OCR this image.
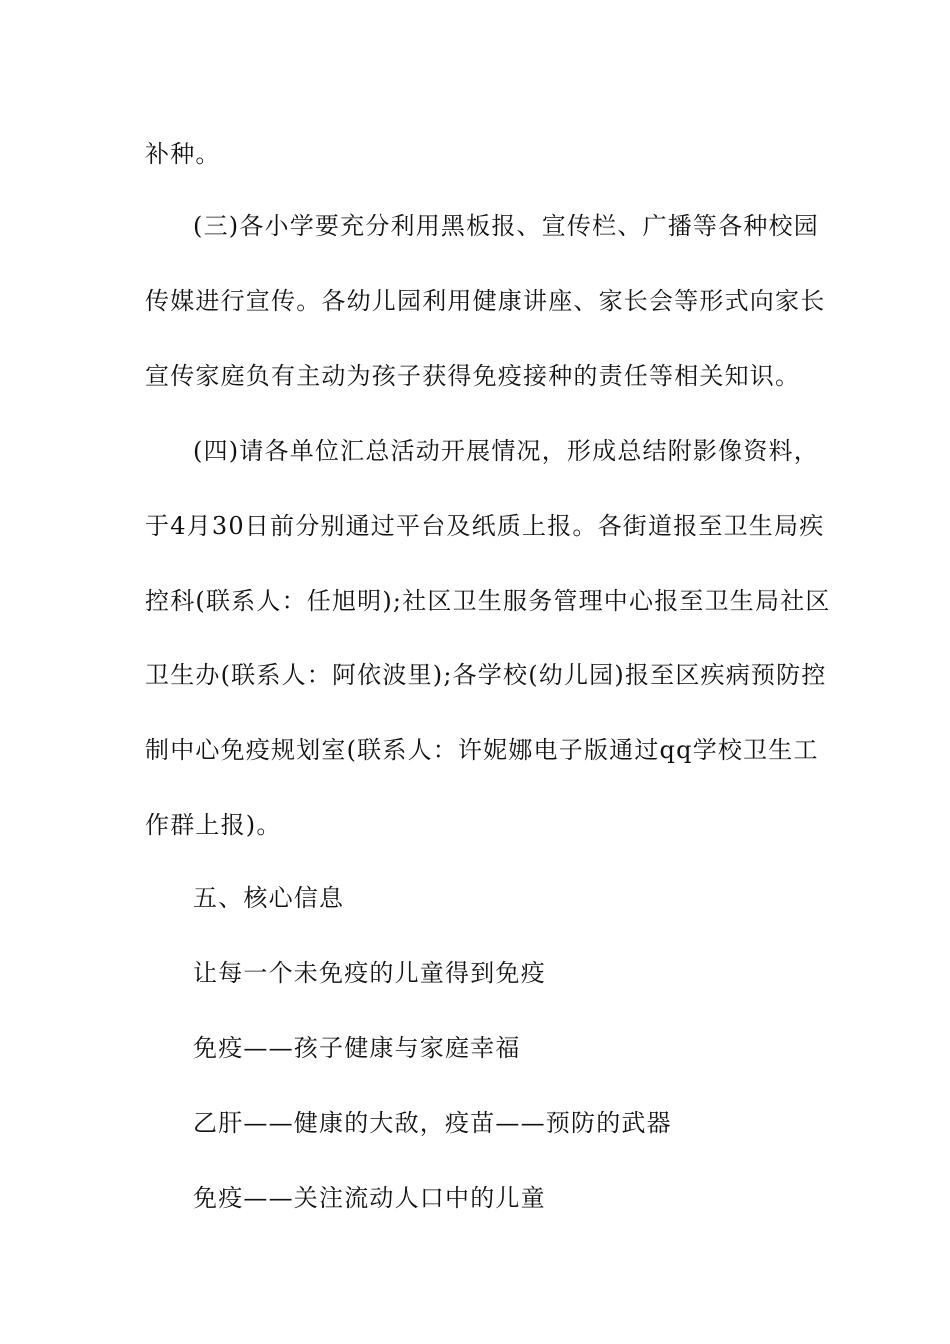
补种。
(三)各小学要充分利用黑板报、宣传栏、广播等各种校园
传媒进行宣传。各幼儿园利用健康讲座、家长会等形式向家长
宣传家庭负有主动为孩子获得免疫接种的责任等相关知识。
(四)请各单位汇总活动开展情况，形成总结附影像资料，
于4月30日前分别通过平台及纸质上报。各街道报至卫生局疾
控科(联系人：任旭明);社区卫生服务管理中心报至卫生局社区
卫生办(联系人：阿依波里);各学校(幼儿园)报至区疾病预防控
制中心免疫规划室(联系人：许妮娜电子版通过qq学校卫生工
作群上报)。
五、核心信息
让每一个未免疫的儿童得到免疫
免疫——孩子健康与家庭幸福
乙肝——健康的大敌，疫苗——预防的武器
免疫——关注流动人口中的儿童
